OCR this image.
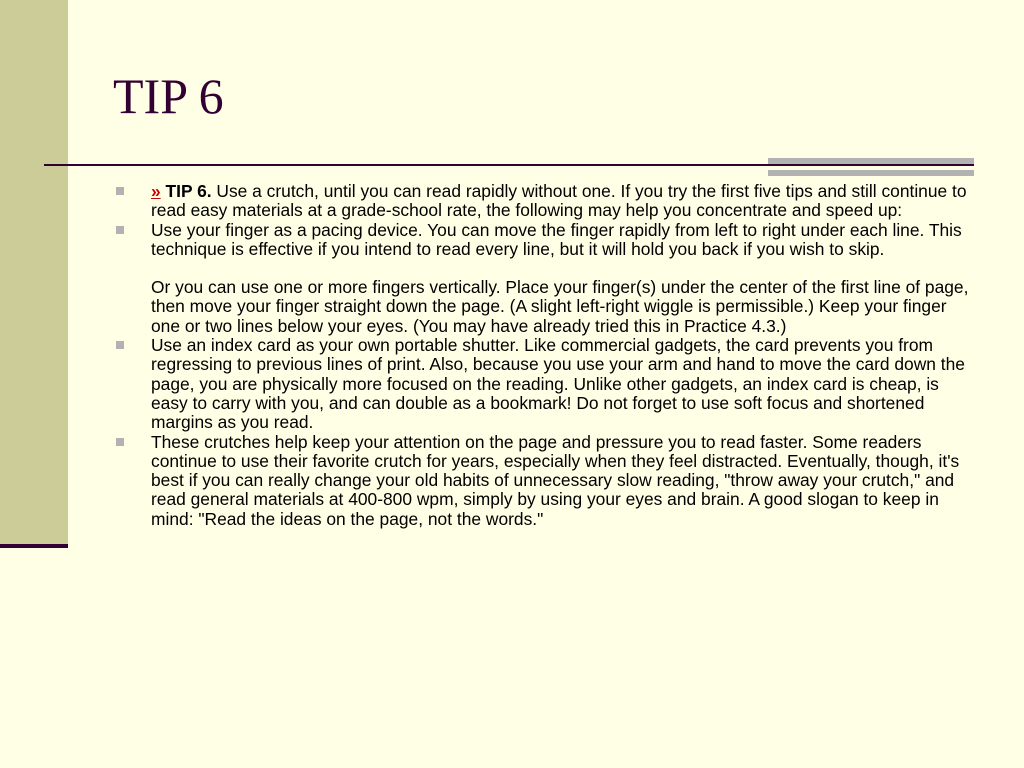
TIP 6
» TIP 6. Use a crutch, until you can read rapidly without one. If you try the first five tips and still continue to read easy materials at a grade-school rate, the following may help you concentrate and speed up:
Use your finger as a pacing device. You can move the finger rapidly from left to right under each line. This technique is effective if you intend to read every line, but it will hold you back if you wish to skip.
Or you can use one or more fingers vertically. Place your finger(s) under the center of the first line of page, then move your finger straight down the page. (A slight left-right wiggle is permissible.) Keep your finger one or two lines below your eyes. (You may have already tried this in Practice 4.3.)
Use an index card as your own portable shutter. Like commercial gadgets, the card prevents you from regressing to previous lines of print. Also, because you use your arm and hand to move the card down the page, you are physically more focused on the reading. Unlike other gadgets, an index card is cheap, is easy to carry with you, and can double as a bookmark! Do not forget to use soft focus and shortened margins as you read.
These crutches help keep your attention on the page and pressure you to read faster. Some readers continue to use their favorite crutch for years, especially when they feel distracted. Eventually, though, it's best if you can really change your old habits of unnecessary slow reading, "throw away your crutch," and read general materials at 400-800 wpm, simply by using your eyes and brain. A good slogan to keep in mind: "Read the ideas on the page, not the words."
